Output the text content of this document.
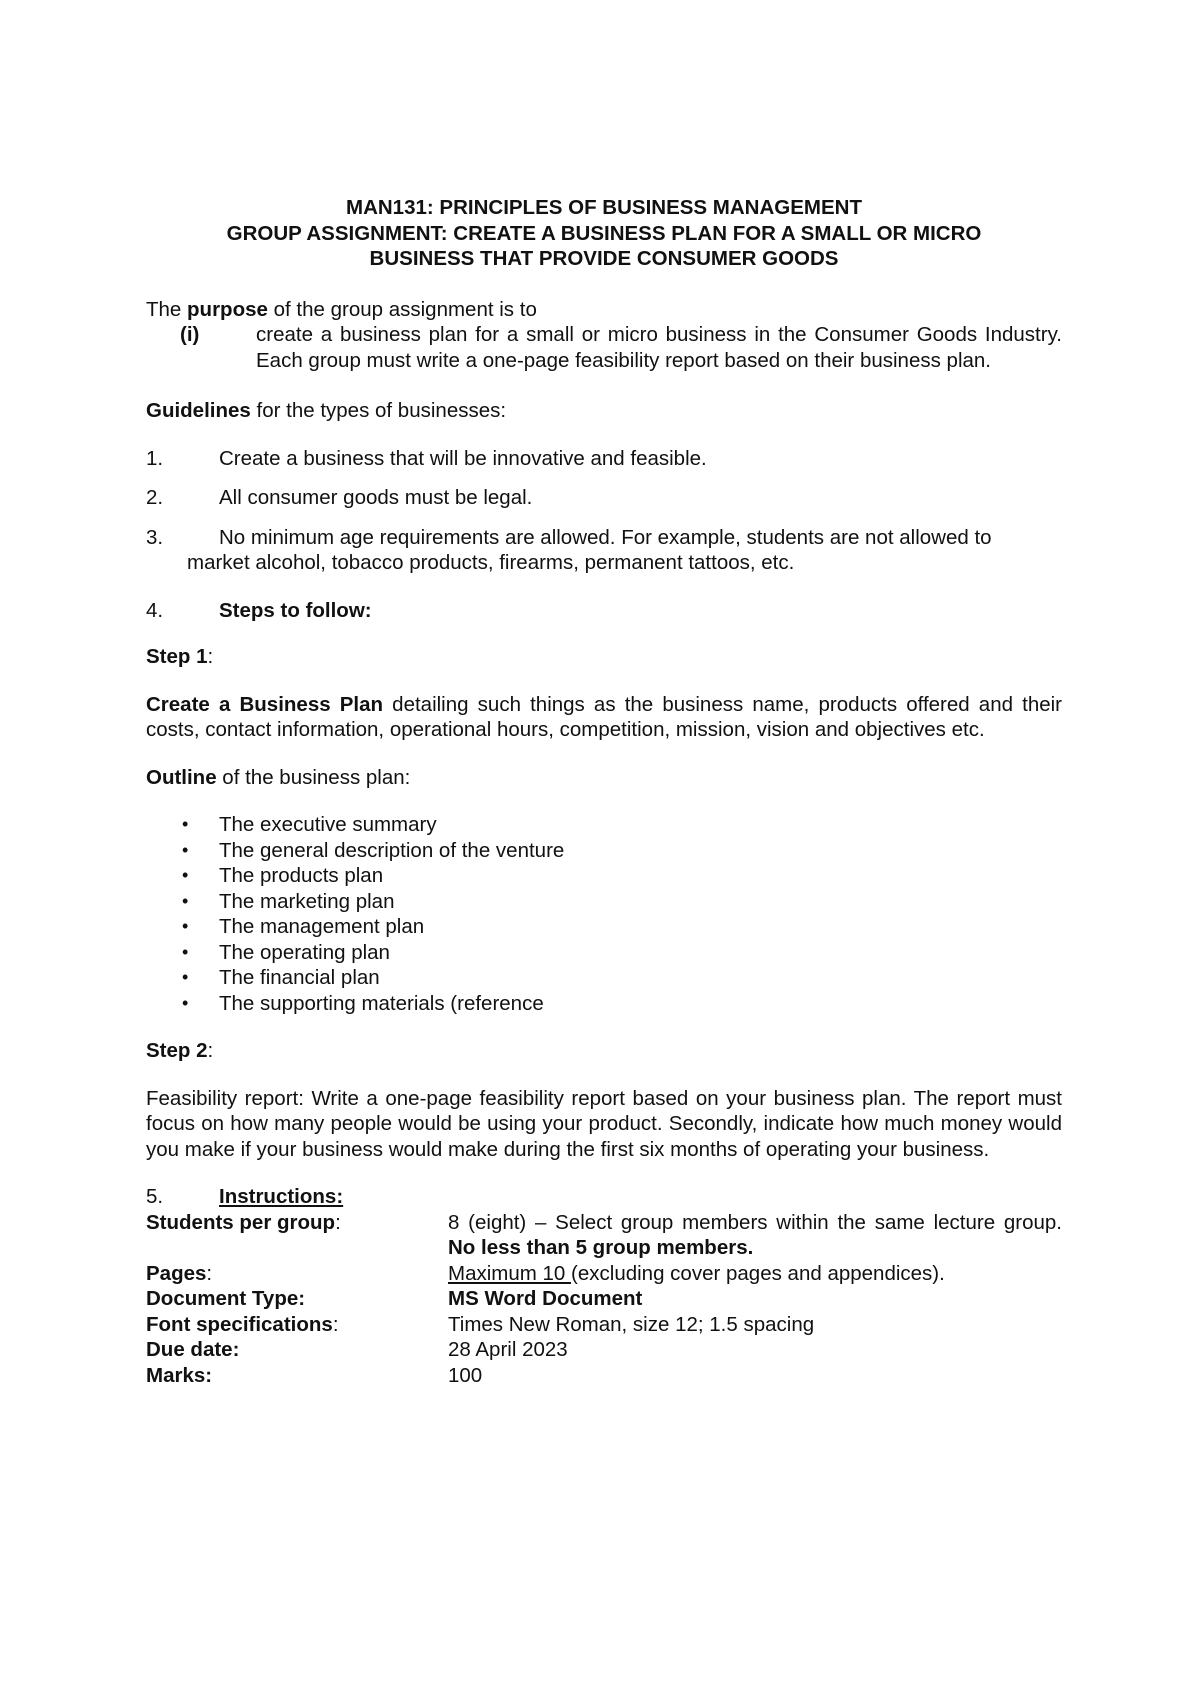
MAN131: PRINCIPLES OF BUSINESS MANAGEMENT

GROUP ASSIGNMENT: CREATE A BUSINESS PLAN FOR A SMALL OR MICRO

BUSINESS THAT PROVIDE CONSUMER GOODS

The purpose of the group assignment is to

(i)	create a business plan for a small or micro business in the Consumer Goods Industry. Each group must write a one-page feasibility report based on their business plan.

Guidelines for the types of businesses:

1.	Create a business that will be innovative and feasible.
2.	All consumer goods must be legal.
3.	No minimum age requirements are allowed. For example, students are not allowed to
market alcohol, tobacco products, firearms, permanent tattoos, etc.
4.	Steps to follow:

Step 1:

Create a Business Plan detailing such things as the business name, products offered and their costs, contact information, operational hours, competition, mission, vision and objectives etc.

Outline of the business plan:

•	The executive summary
•	The general description of the venture
•	The products plan
•	The marketing plan
•	The management plan
•	The operating plan
•	The financial plan
•	The supporting materials (reference

Step 2:

Feasibility report: Write a one-page feasibility report based on your business plan. The report must focus on how many people would be using your product. Secondly, indicate how much money would you make if your business would make during the first six months of operating your business.

5.	Instructions:
Students per group:	8 (eight) – Select group members within the same lecture group. No less than 5 group members.
Pages:	Maximum 10 (excluding cover pages and appendices).
Document Type:	MS Word Document
Font specifications:	Times New Roman, size 12; 1.5 spacing
Due date:	28 April 2023
Marks:	100
